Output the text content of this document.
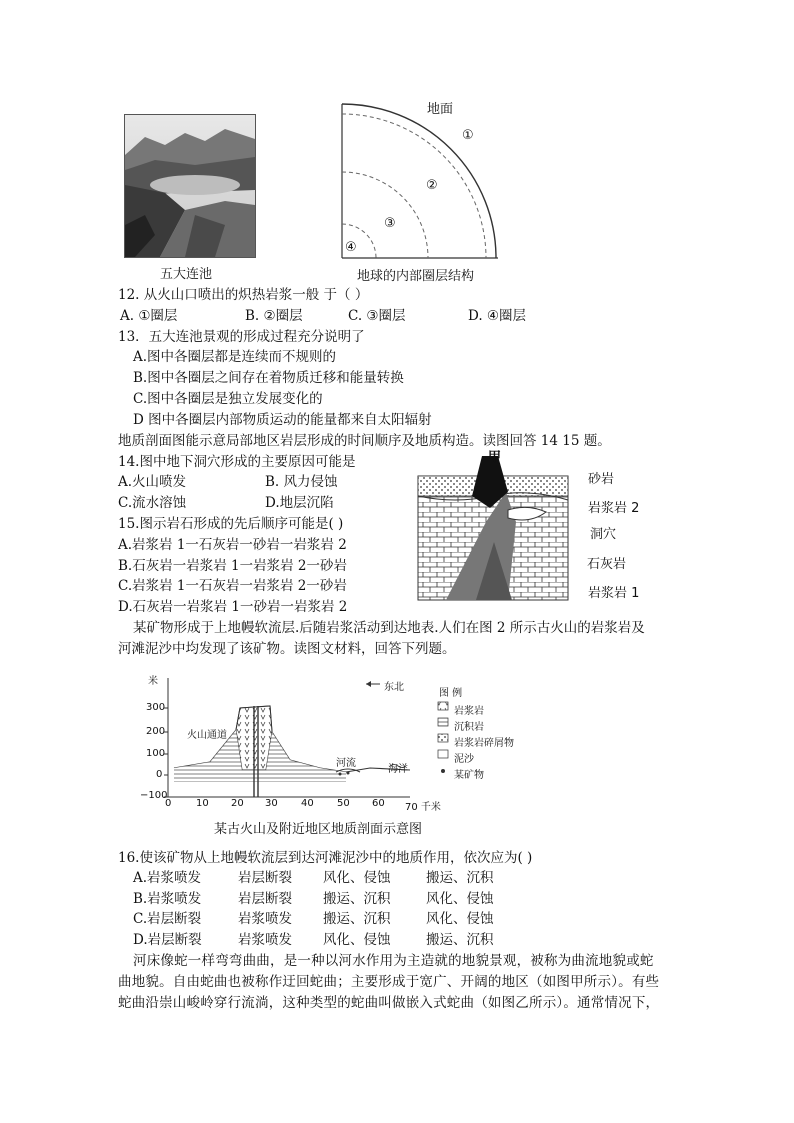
五大连池
地面
①
②
③
④
地球的内部圈层结构
12. 从火山口喷出的炽热岩浆一般 于（ ）
A. ①圈层	B. ②圈层	C. ③圈层	D. ④圈层
13．五大连池景观的形成过程充分说明了
A.图中各圈层都是连续而不规则的
B.图中各圈层之间存在着物质迁移和能量转换
C.图中各圈层是独立发展变化的
D 图中各圈层内部物质运动的能量都来自太阳辐射
地质剖面图能示意局部地区岩层形成的时间顺序及地质构造。读图回答 14 15 题。
14.图中地下洞穴形成的主要原因可能是
A.火山喷发	B. 风力侵蚀
C.流水溶蚀	D.地层沉陷
15.图示岩石形成的先后顺序可能是( )
A.岩浆岩 1一石灰岩一砂岩一岩浆岩 2
B.石灰岩一岩浆岩 1一岩浆岩 2一砂岩
C.岩浆岩 1一石灰岩一岩浆岩 2一砂岩
D.石灰岩一岩浆岩 1一砂岩一岩浆岩 2
甲
砂岩
岩浆岩 2
洞穴
石灰岩
岩浆岩 1
某矿物形成于上地幔软流层.后随岩浆活动到达地表.人们在图 2 所示古火山的岩浆岩及
河滩泥沙中均发现了该矿物。读图文材料，回答下列题。
米
300
200
100
0
−100
0 10 20 30 40 50 60 70 千米
东北
火山通道
河流
海洋
图 例
岩浆岩
沉积岩
岩浆岩碎屑物
泥沙
某矿物
某古火山及附近地区地质剖面示意图
16.使该矿物从上地幔软流层到达河滩泥沙中的地质作用，依次应为( )
A.岩浆喷发	岩层断裂 风化、侵蚀	搬运、沉积
B.岩浆喷发	岩层断裂 搬运、沉积	风化、侵蚀
C.岩层断裂	岩浆喷发 搬运、沉积	风化、侵蚀
D.岩层断裂	岩浆喷发 风化、侵蚀	搬运、沉积
河床像蛇一样弯弯曲曲，是一种以河水作用为主造就的地貌景观，被称为曲流地貌或蛇
曲地貌。自由蛇曲也被称作迂回蛇曲；主要形成于宽广、开阔的地区（如图甲所示）。有些
蛇曲沿崇山峻岭穿行流淌，这种类型的蛇曲叫做嵌入式蛇曲（如图乙所示）。通常情况下，
